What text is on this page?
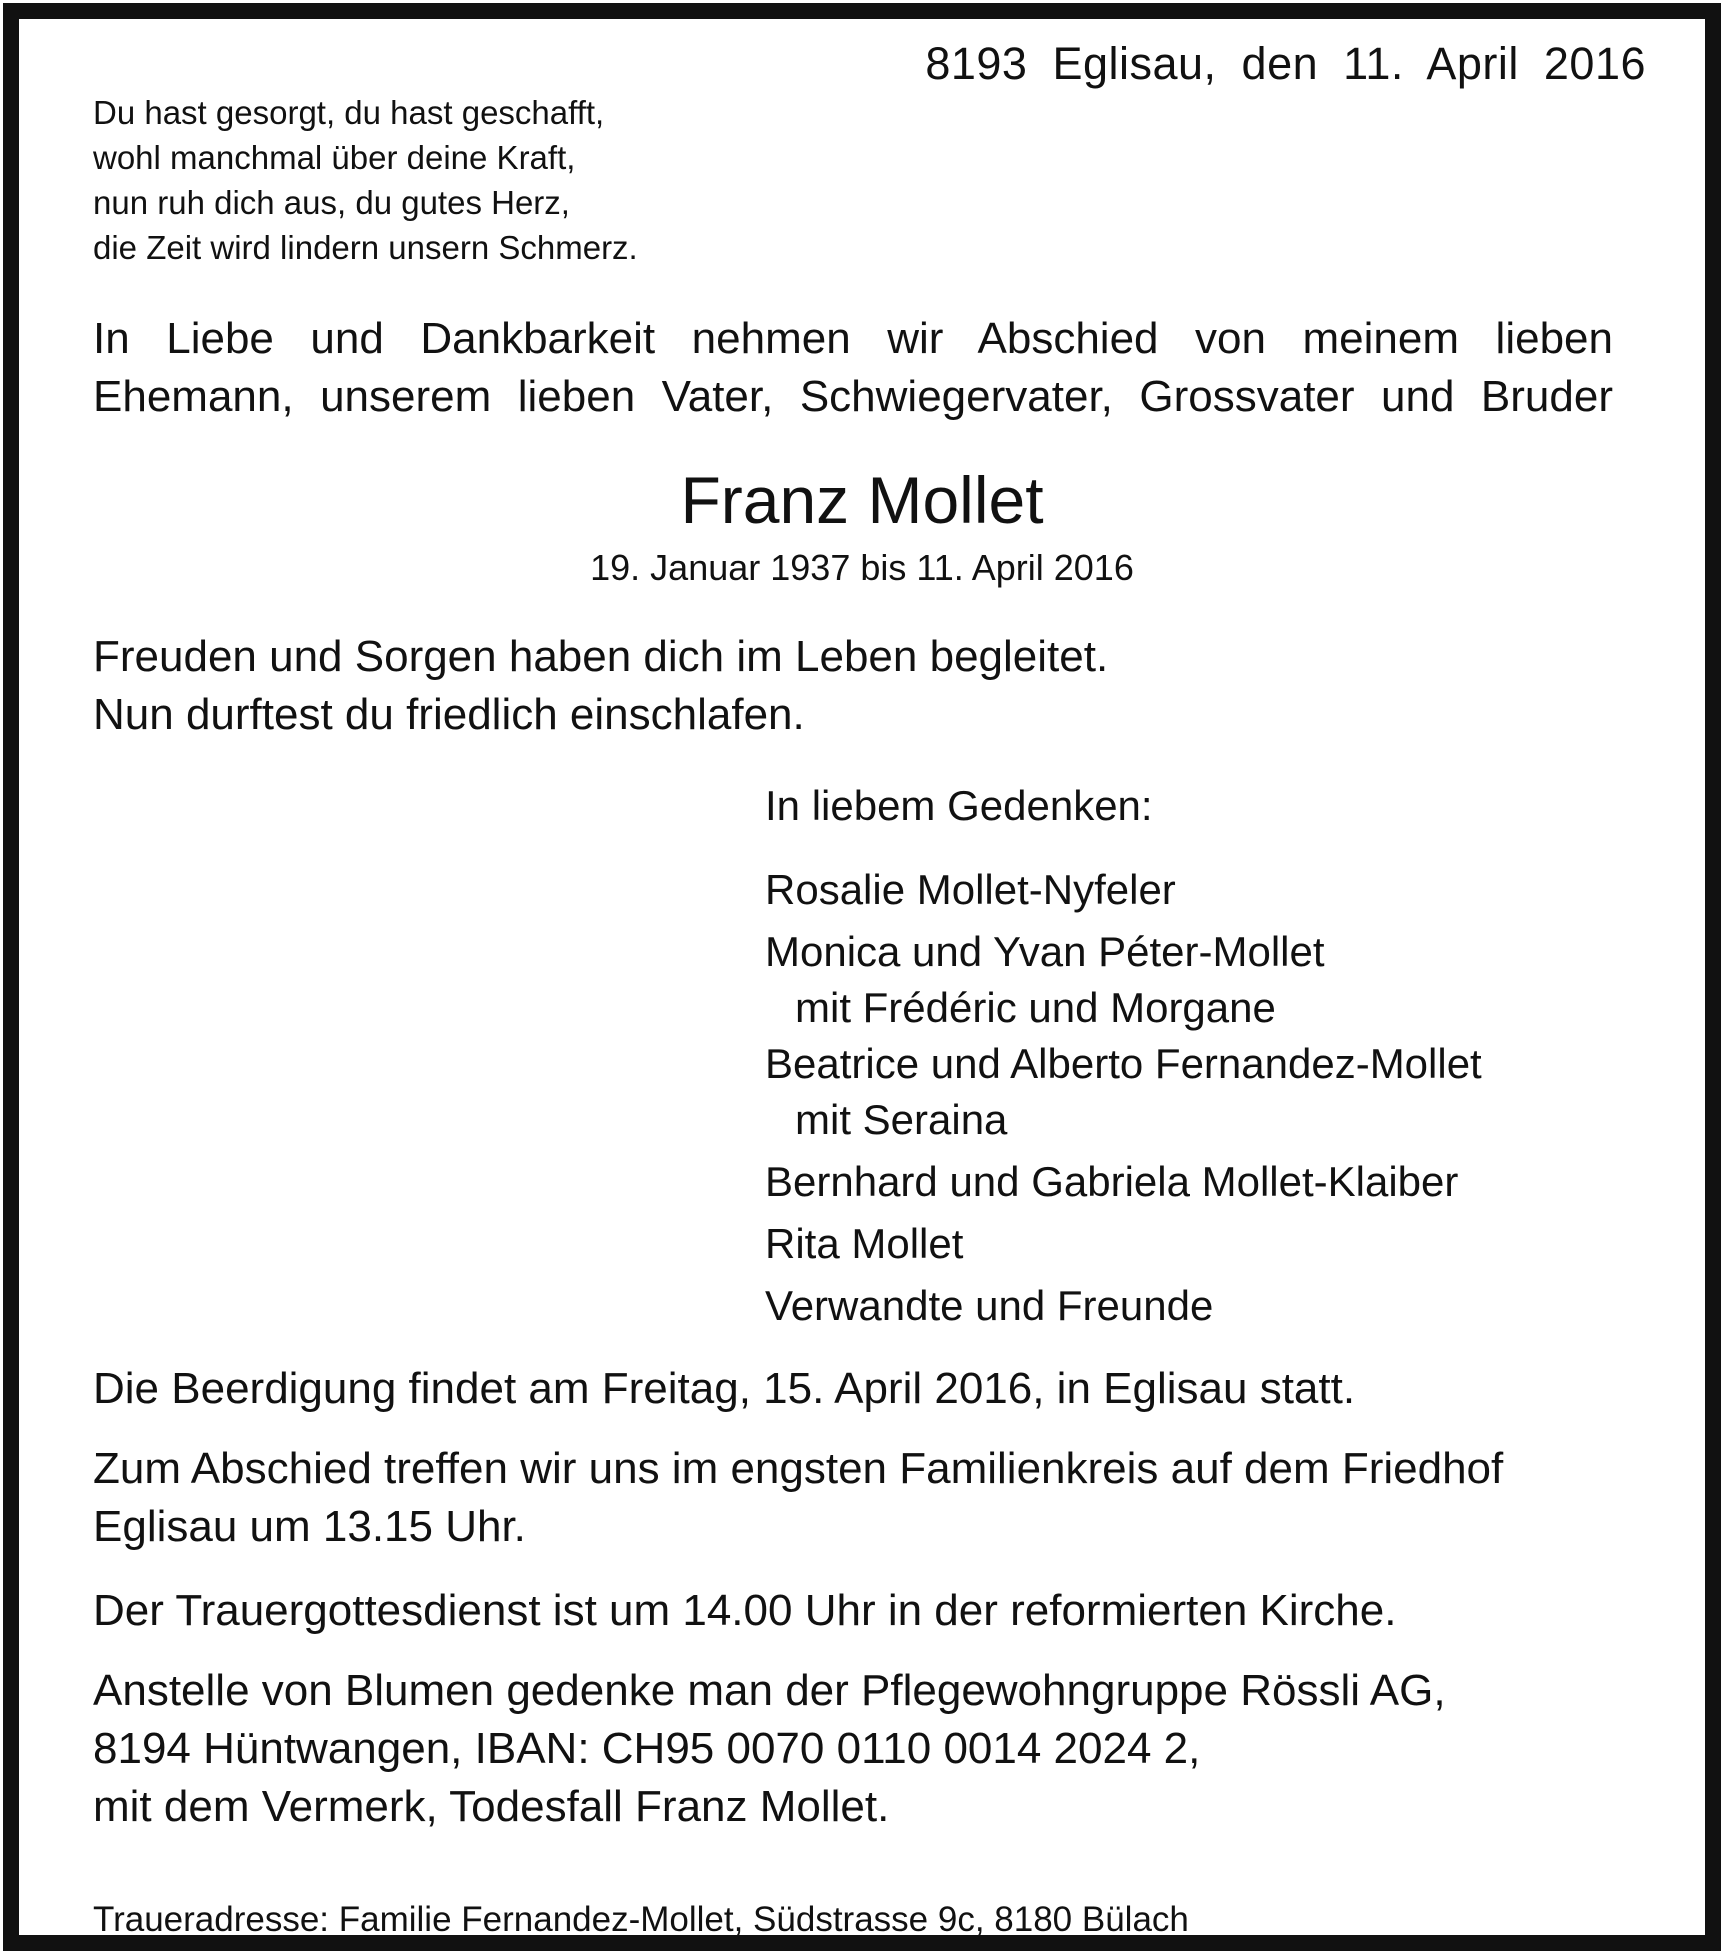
8193 Eglisau, den 11. April 2016
Du hast gesorgt, du hast geschafft,
wohl manchmal über deine Kraft,
nun ruh dich aus, du gutes Herz,
die Zeit wird lindern unsern Schmerz.
In Liebe und Dankbarkeit nehmen wir Abschied von meinem lieben
Ehemann, unserem lieben Vater, Schwiegervater, Grossvater und Bruder
Franz Mollet
19. Januar 1937 bis 11. April 2016
Freuden und Sorgen haben dich im Leben begleitet.
Nun durftest du friedlich einschlafen.
In liebem Gedenken:
Rosalie Mollet-Nyfeler
Monica und Yvan Péter-Mollet
mit Frédéric und Morgane
Beatrice und Alberto Fernandez-Mollet
mit Seraina
Bernhard und Gabriela Mollet-Klaiber
Rita Mollet
Verwandte und Freunde
Die Beerdigung findet am Freitag, 15. April 2016, in Eglisau statt.
Zum Abschied treffen wir uns im engsten Familienkreis auf dem Friedhof
Eglisau um 13.15 Uhr.
Der Trauergottesdienst ist um 14.00 Uhr in der reformierten Kirche.
Anstelle von Blumen gedenke man der Pflegewohngruppe Rössli AG,
8194 Hüntwangen, IBAN: CH95 0070 0110 0014 2024 2,
mit dem Vermerk, Todesfall Franz Mollet.
Traueradresse: Familie Fernandez-Mollet, Südstrasse 9c, 8180 Bülach
